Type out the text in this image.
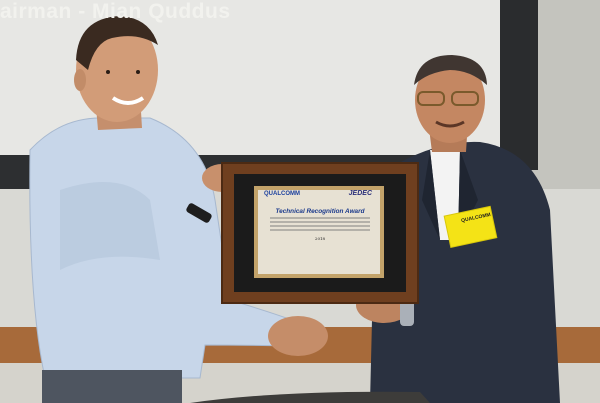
airman - Mian Quddus
QUALCOMM	JEDEC
Technical Recognition Award
2018
QUALCOMM
